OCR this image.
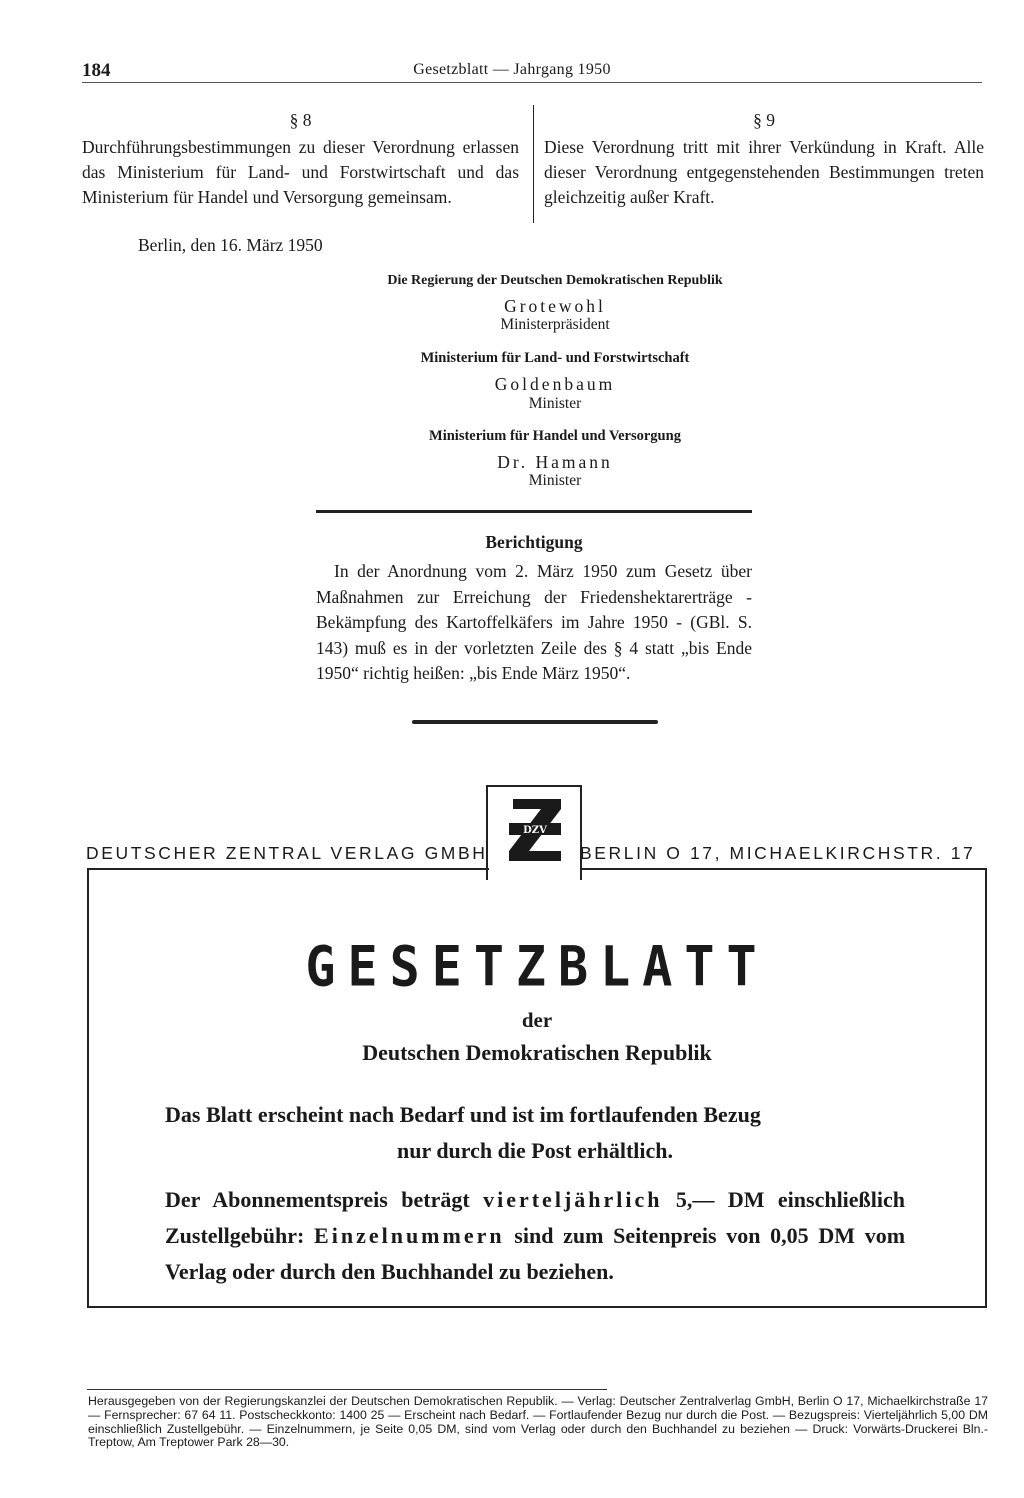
184	Gesetzblatt — Jahrgang 1950
§ 8
Durchführungsbestimmungen zu dieser Verordnung erlassen das Ministerium für Land- und Forstwirtschaft und das Ministerium für Handel und Versorgung gemeinsam.
§ 9
Diese Verordnung tritt mit ihrer Verkündung in Kraft. Alle dieser Verordnung entgegenstehenden Bestimmungen treten gleichzeitig außer Kraft.
Berlin, den 16. März 1950
Die Regierung der Deutschen Demokratischen Republik
Grotewohl
Ministerpräsident
Ministerium für Land- und Forstwirtschaft
Goldenbaum
Minister
Ministerium für Handel und Versorgung
Dr. Hamann
Minister
Berichtigung
In der Anordnung vom 2. März 1950 zum Gesetz über Maßnahmen zur Erreichung der Friedenshektarerträge - Bekämpfung des Kartoffelkäfers im Jahre 1950 - (GBl. S. 143) muß es in der vorletzten Zeile des § 4 statt „bis Ende 1950“ richtig heißen: „bis Ende März 1950“.
DEUTSCHER ZENTRAL VERLAG GMBH	BERLIN O 17, MICHAELKIRCHSTR. 17
DZV
GESETZBLATT
der
Deutschen Demokratischen Republik
Das Blatt erscheint nach Bedarf und ist im fortlaufenden Bezug
nur durch die Post erhältlich.
Der Abonnementspreis beträgt vierteljährlich 5,— DM einschließlich Zustellgebühr: Einzelnummern sind zum Seitenpreis von 0,05 DM vom Verlag oder durch den Buchhandel zu beziehen.
Herausgegeben von der Regierungskanzlei der Deutschen Demokratischen Republik. — Verlag: Deutscher Zentralverlag GmbH, Berlin O 17, Michaelkirchstraße 17 — Fernsprecher: 67 64 11. Postscheckkonto: 1400 25 — Erscheint nach Bedarf. — Fortlaufender Bezug nur durch die Post. — Bezugspreis: Vierteljährlich 5,00 DM einschließlich Zustellgebühr. — Einzelnummern, je Seite 0,05 DM, sind vom Verlag oder durch den Buchhandel zu beziehen — Druck: Vorwärts-Druckerei Bln.-Treptow, Am Treptower Park 28—30.
